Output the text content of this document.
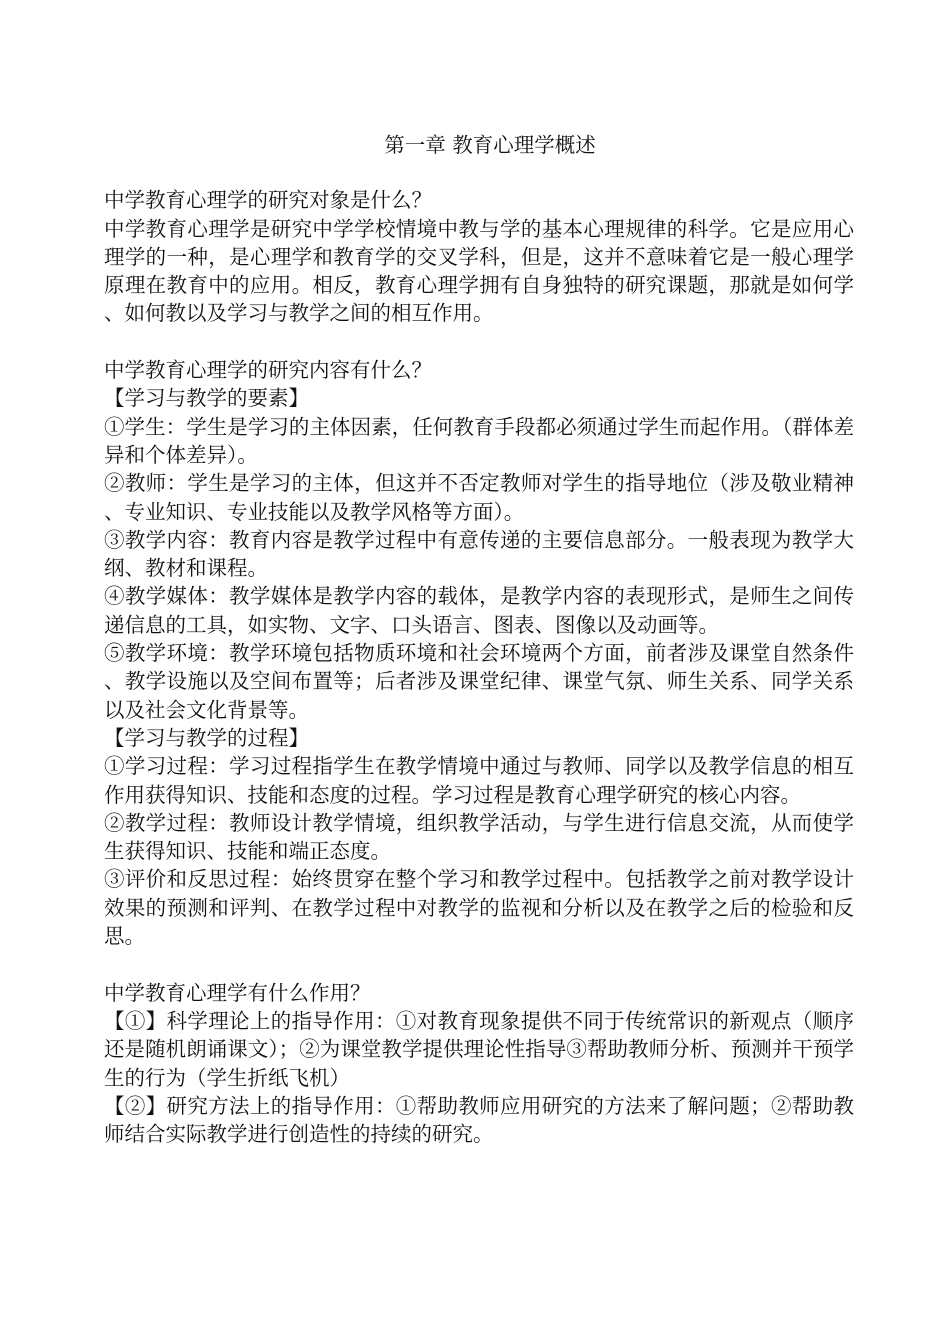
第一章 教育心理学概述

中学教育心理学的研究对象是什么？

中学教育心理学是研究中学学校情境中教与学的基本心理规律的科学。它是应用心理学的一种，是心理学和教育学的交叉学科，但是，这并不意味着它是一般心理学原理在教育中的应用。相反，教育心理学拥有自身独特的研究课题，那就是如何学、如何教以及学习与教学之间的相互作用。

中学教育心理学的研究内容有什么？

【学习与教学的要素】

①学生：学生是学习的主体因素，任何教育手段都必须通过学生而起作用。（群体差异和个体差异）。

②教师：学生是学习的主体，但这并不否定教师对学生的指导地位（涉及敬业精神、专业知识、专业技能以及教学风格等方面）。

③教学内容：教育内容是教学过程中有意传递的主要信息部分。一般表现为教学大纲、教材和课程。

④教学媒体：教学媒体是教学内容的载体，是教学内容的表现形式，是师生之间传递信息的工具，如实物、文字、口头语言、图表、图像以及动画等。

⑤教学环境：教学环境包括物质环境和社会环境两个方面，前者涉及课堂自然条件、教学设施以及空间布置等；后者涉及课堂纪律、课堂气氛、师生关系、同学关系以及社会文化背景等。

【学习与教学的过程】

①学习过程：学习过程指学生在教学情境中通过与教师、同学以及教学信息的相互作用获得知识、技能和态度的过程。学习过程是教育心理学研究的核心内容。

②教学过程：教师设计教学情境，组织教学活动，与学生进行信息交流，从而使学生获得知识、技能和端正态度。

③评价和反思过程：始终贯穿在整个学习和教学过程中。包括教学之前对教学设计效果的预测和评判、在教学过程中对教学的监视和分析以及在教学之后的检验和反思。

中学教育心理学有什么作用？

【①】科学理论上的指导作用：①对教育现象提供不同于传统常识的新观点（顺序还是随机朗诵课文）；②为课堂教学提供理论性指导③帮助教师分析、预测并干预学生的行为（学生折纸飞机）

【②】研究方法上的指导作用：①帮助教师应用研究的方法来了解问题；②帮助教师结合实际教学进行创造性的持续的研究。
